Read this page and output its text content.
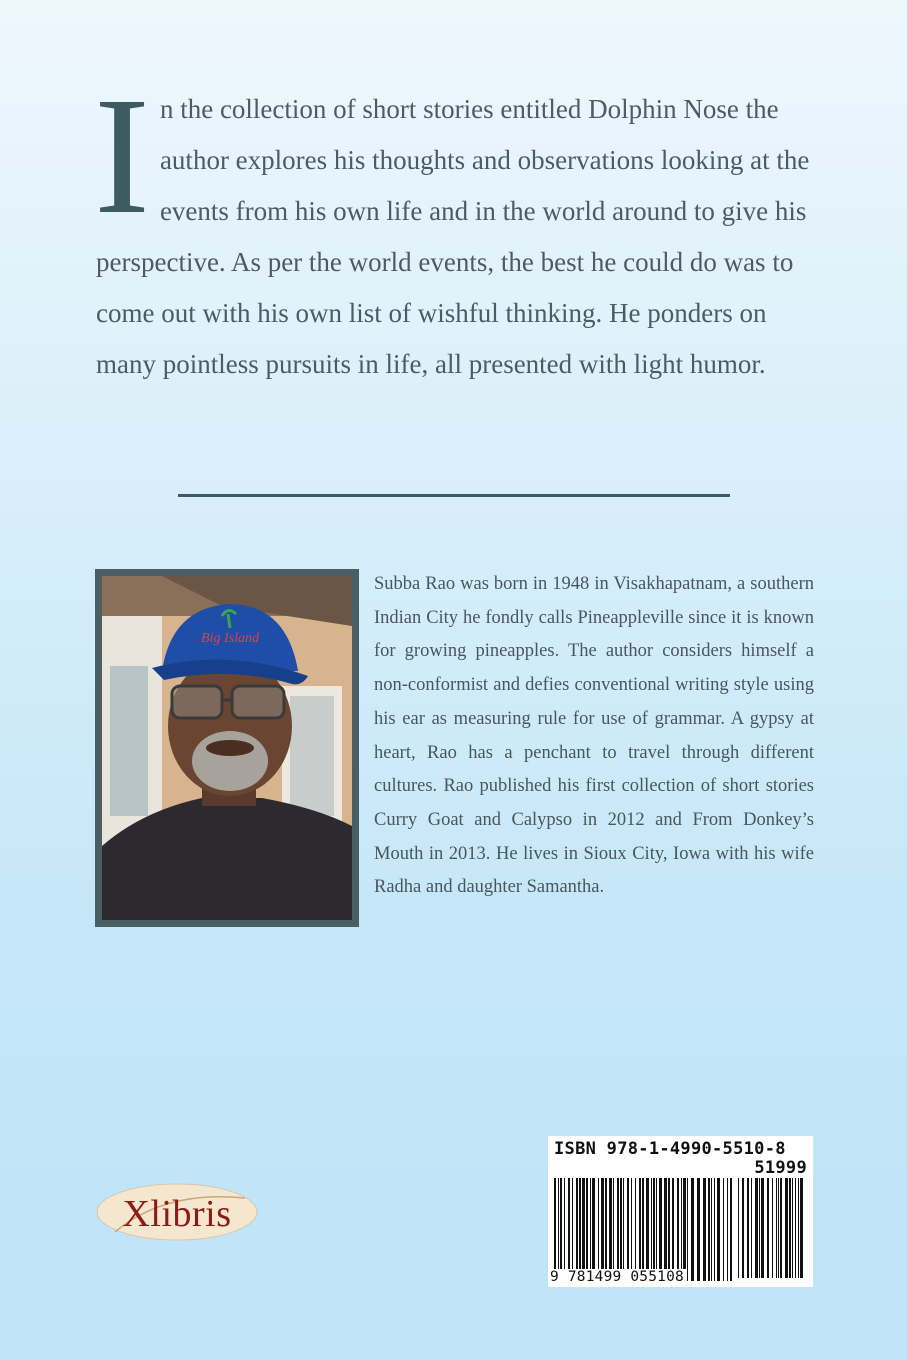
I n the collection of short stories entitled Dolphin Nose the author explores his thoughts and observations looking at the events from his own life and in the world around to give his perspective. As per the world events, the best he could do was to come out with his own list of wishful thinking. He ponders on many pointless pursuits in life, all presented with light humor.
Big Island
Subba Rao was born in 1948 in Visakhapatnam, a southern Indian City he fondly calls Pineappleville since it is known for growing pineapples. The author considers himself a non-conformist and defies conventional writing style using his ear as measuring rule for use of grammar. A gypsy at heart, Rao has a penchant to travel through different cultures. Rao published his first collection of short stories Curry Goat and Calypso in 2012 and From Donkey’s Mouth in 2013. He lives in Sioux City, Iowa with his wife Radha and daughter Samantha.
Xlibris
ISBN 978-1-4990-5510-8
51999
9 781499 055108
